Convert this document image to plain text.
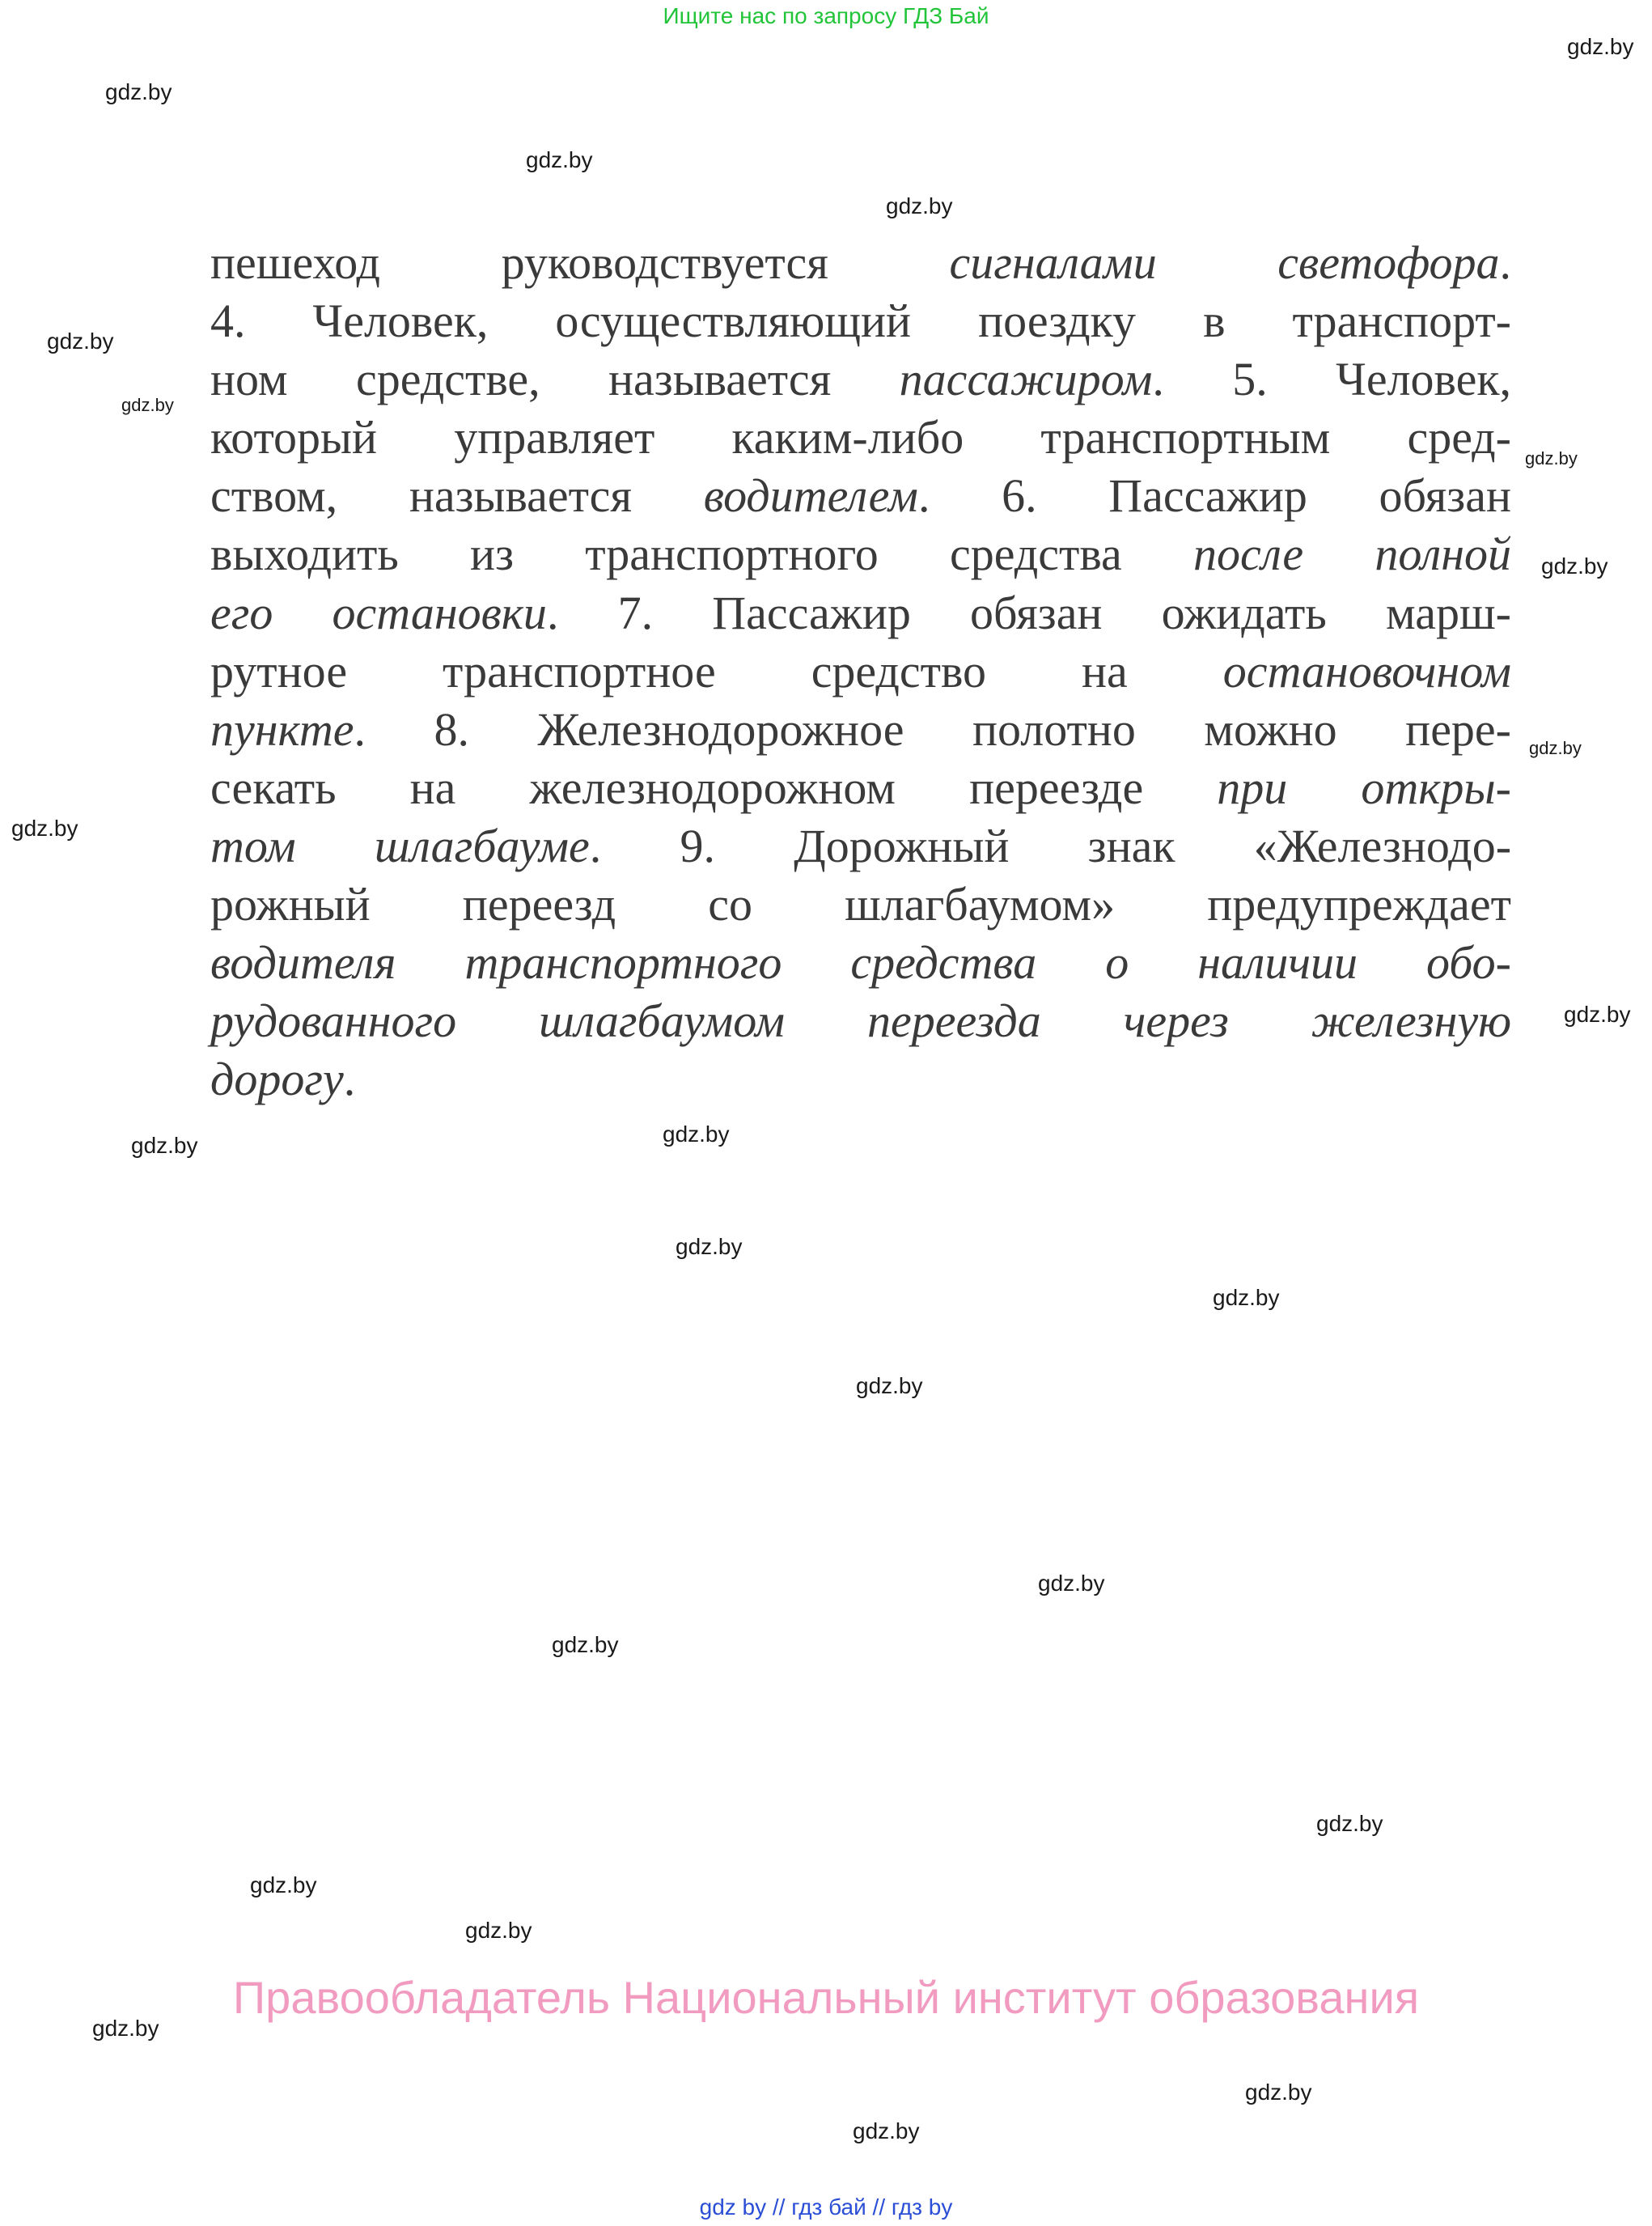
Ищите нас по запросу ГДЗ Бай
пешеход руководствуется сигналами светофора.
4. Человек, осуществляющий поездку в транспорт-
ном средстве, называется пассажиром. 5. Человек,
который управляет каким-либо транспортным сред-
ством, называется водителем. 6. Пассажир обязан
выходить из транспортного средства после полной
его остановки. 7. Пассажир обязан ожидать марш-
рутное транспортное средство на остановочном
пункте. 8. Железнодорожное полотно можно пере-
секать на железнодорожном переезде при откры-
том шлагбауме. 9. Дорожный знак «Железнодо-
рожный переезд со шлагбаумом» предупреждает
водителя транспортного средства о наличии обо-
рудованного шлагбаумом переезда через железную
дорогу.
gdz.by
gdz.by
gdz.by
gdz.by
gdz.by
gdz.by
gdz.by
gdz.by
gdz.by
gdz.by
gdz.by
gdz.by
gdz.by
gdz.by
gdz.by
gdz.by
gdz.by
gdz.by
gdz.by
gdz.by
gdz.by
gdz.by
gdz.by
gdz.by
Правообладатель Национальный институт образования
gdz by // гдз бай // гдз by
